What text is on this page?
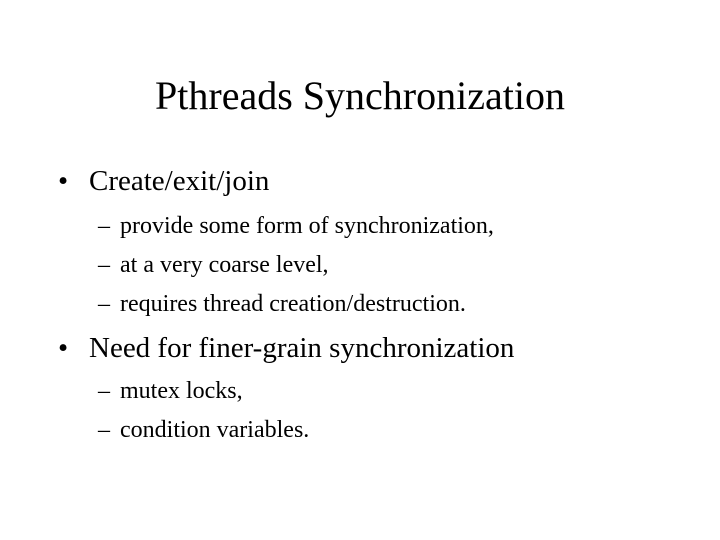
Pthreads Synchronization
• Create/exit/join
– provide some form of synchronization,
– at a very coarse level,
– requires thread creation/destruction.
• Need for finer-grain synchronization
– mutex locks,
– condition variables.
